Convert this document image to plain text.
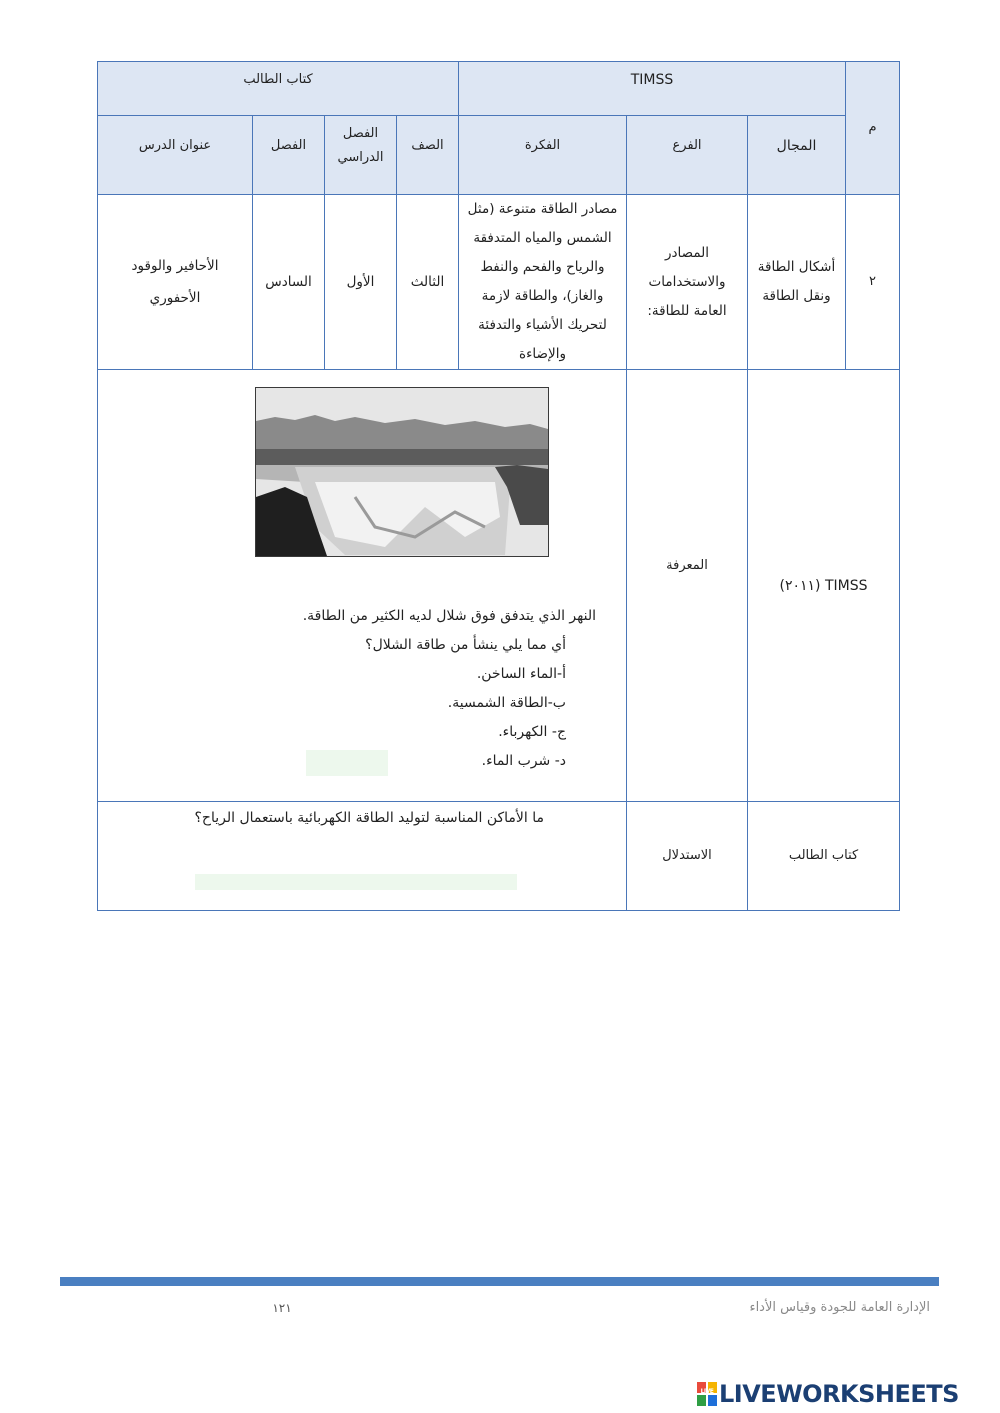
م
TIMSS
كتاب الطالب
المجال
الفرع
الفكرة
الصف
الفصل الدراسي
الفصل
عنوان الدرس
٢
أشكال الطاقة ونقل الطاقة
المصادر والاستخدامات العامة للطاقة:
مصادر الطاقة متنوعة (مثل الشمس والمياه المتدفقة والرياح والفحم والنفط والغاز)، والطاقة لازمة لتحريك الأشياء والتدفئة والإضاءة
الثالث
الأول
السادس
الأحافير والوقود الأحفوري
TIMSS (٢٠١١)
المعرفة
النهر الذي يتدفق فوق شلال لديه الكثير من الطاقة.
أي مما يلي ينشأ من طاقة الشلال؟
أ-الماء الساخن.
ب-الطاقة الشمسية.
ج- الكهرباء.
د- شرب الماء.
كتاب الطالب
الاستدلال
ما الأماكن المناسبة لتوليد الطاقة الكهربائية باستعمال الرياح؟
١٢١	الإدارة العامة للجودة وقياس الأداء
LIVE LIVEWORKSHEETS
